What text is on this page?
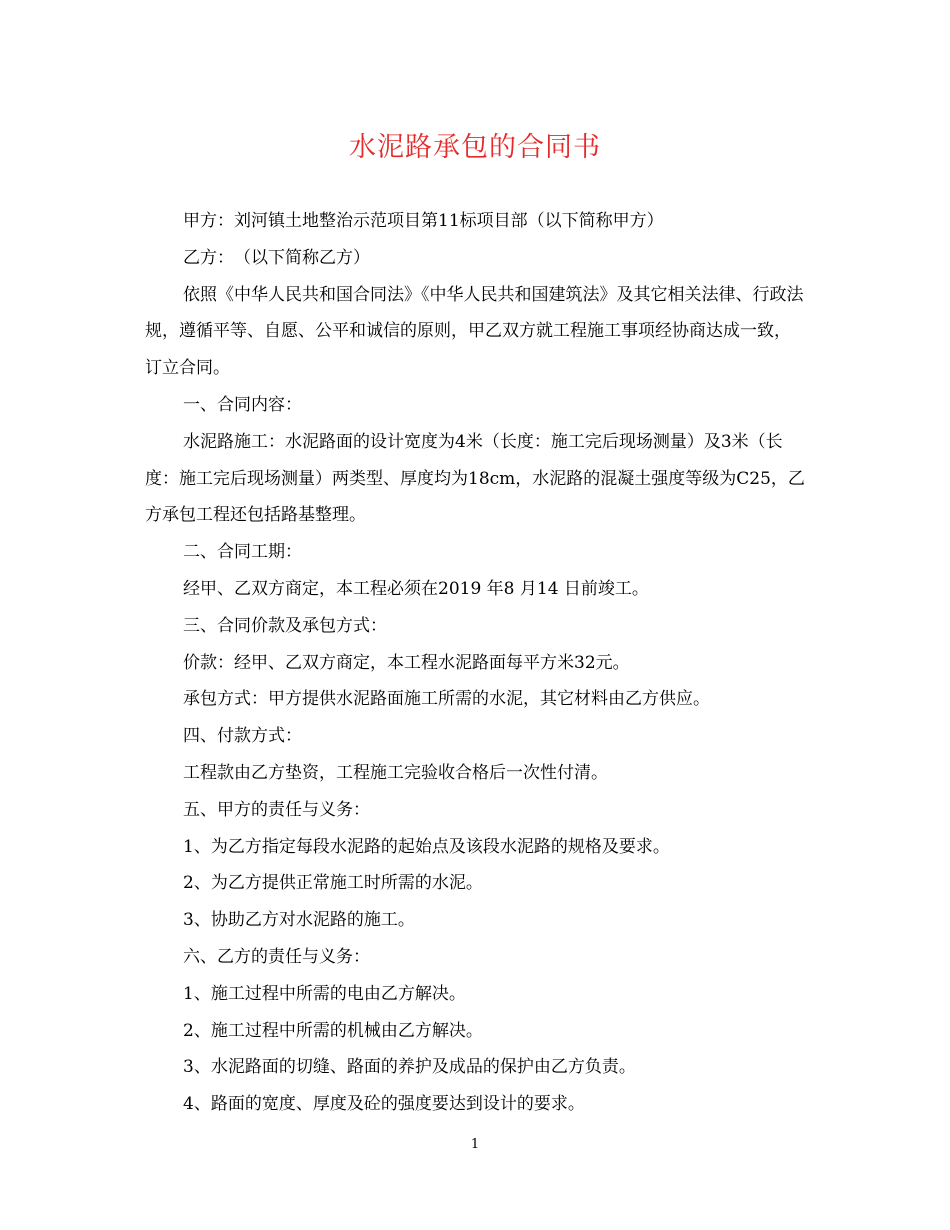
水泥路承包的合同书

甲方：刘河镇土地整治示范项目第11标项目部（以下简称甲方）

乙方：　（以下简称乙方）

依照《中华人民共和国合同法》《中华人民共和国建筑法》及其它相关法律、行政法规，遵循平等、自愿、公平和诚信的原则，甲乙双方就工程施工事项经协商达成一致，订立合同。

一、合同内容：

水泥路施工：水泥路面的设计宽度为4米（长度：施工完后现场测量）及3米（长度：施工完后现场测量）两类型、厚度均为18cm，水泥路的混凝土强度等级为C25，乙方承包工程还包括路基整理。

二、合同工期：

经甲、乙双方商定，本工程必须在2019 年8 月14 日前竣工。

三、合同价款及承包方式：

价款：经甲、乙双方商定，本工程水泥路面每平方米32元。

承包方式：甲方提供水泥路面施工所需的水泥，其它材料由乙方供应。

四、付款方式：

工程款由乙方垫资，工程施工完验收合格后一次性付清。

五、甲方的责任与义务：

1、为乙方指定每段水泥路的起始点及该段水泥路的规格及要求。

2、为乙方提供正常施工时所需的水泥。

3、协助乙方对水泥路的施工。

六、乙方的责任与义务：

1、施工过程中所需的电由乙方解决。

2、施工过程中所需的机械由乙方解决。

3、水泥路面的切缝、路面的养护及成品的保护由乙方负责。

4、路面的宽度、厚度及砼的强度要达到设计的要求。

1
